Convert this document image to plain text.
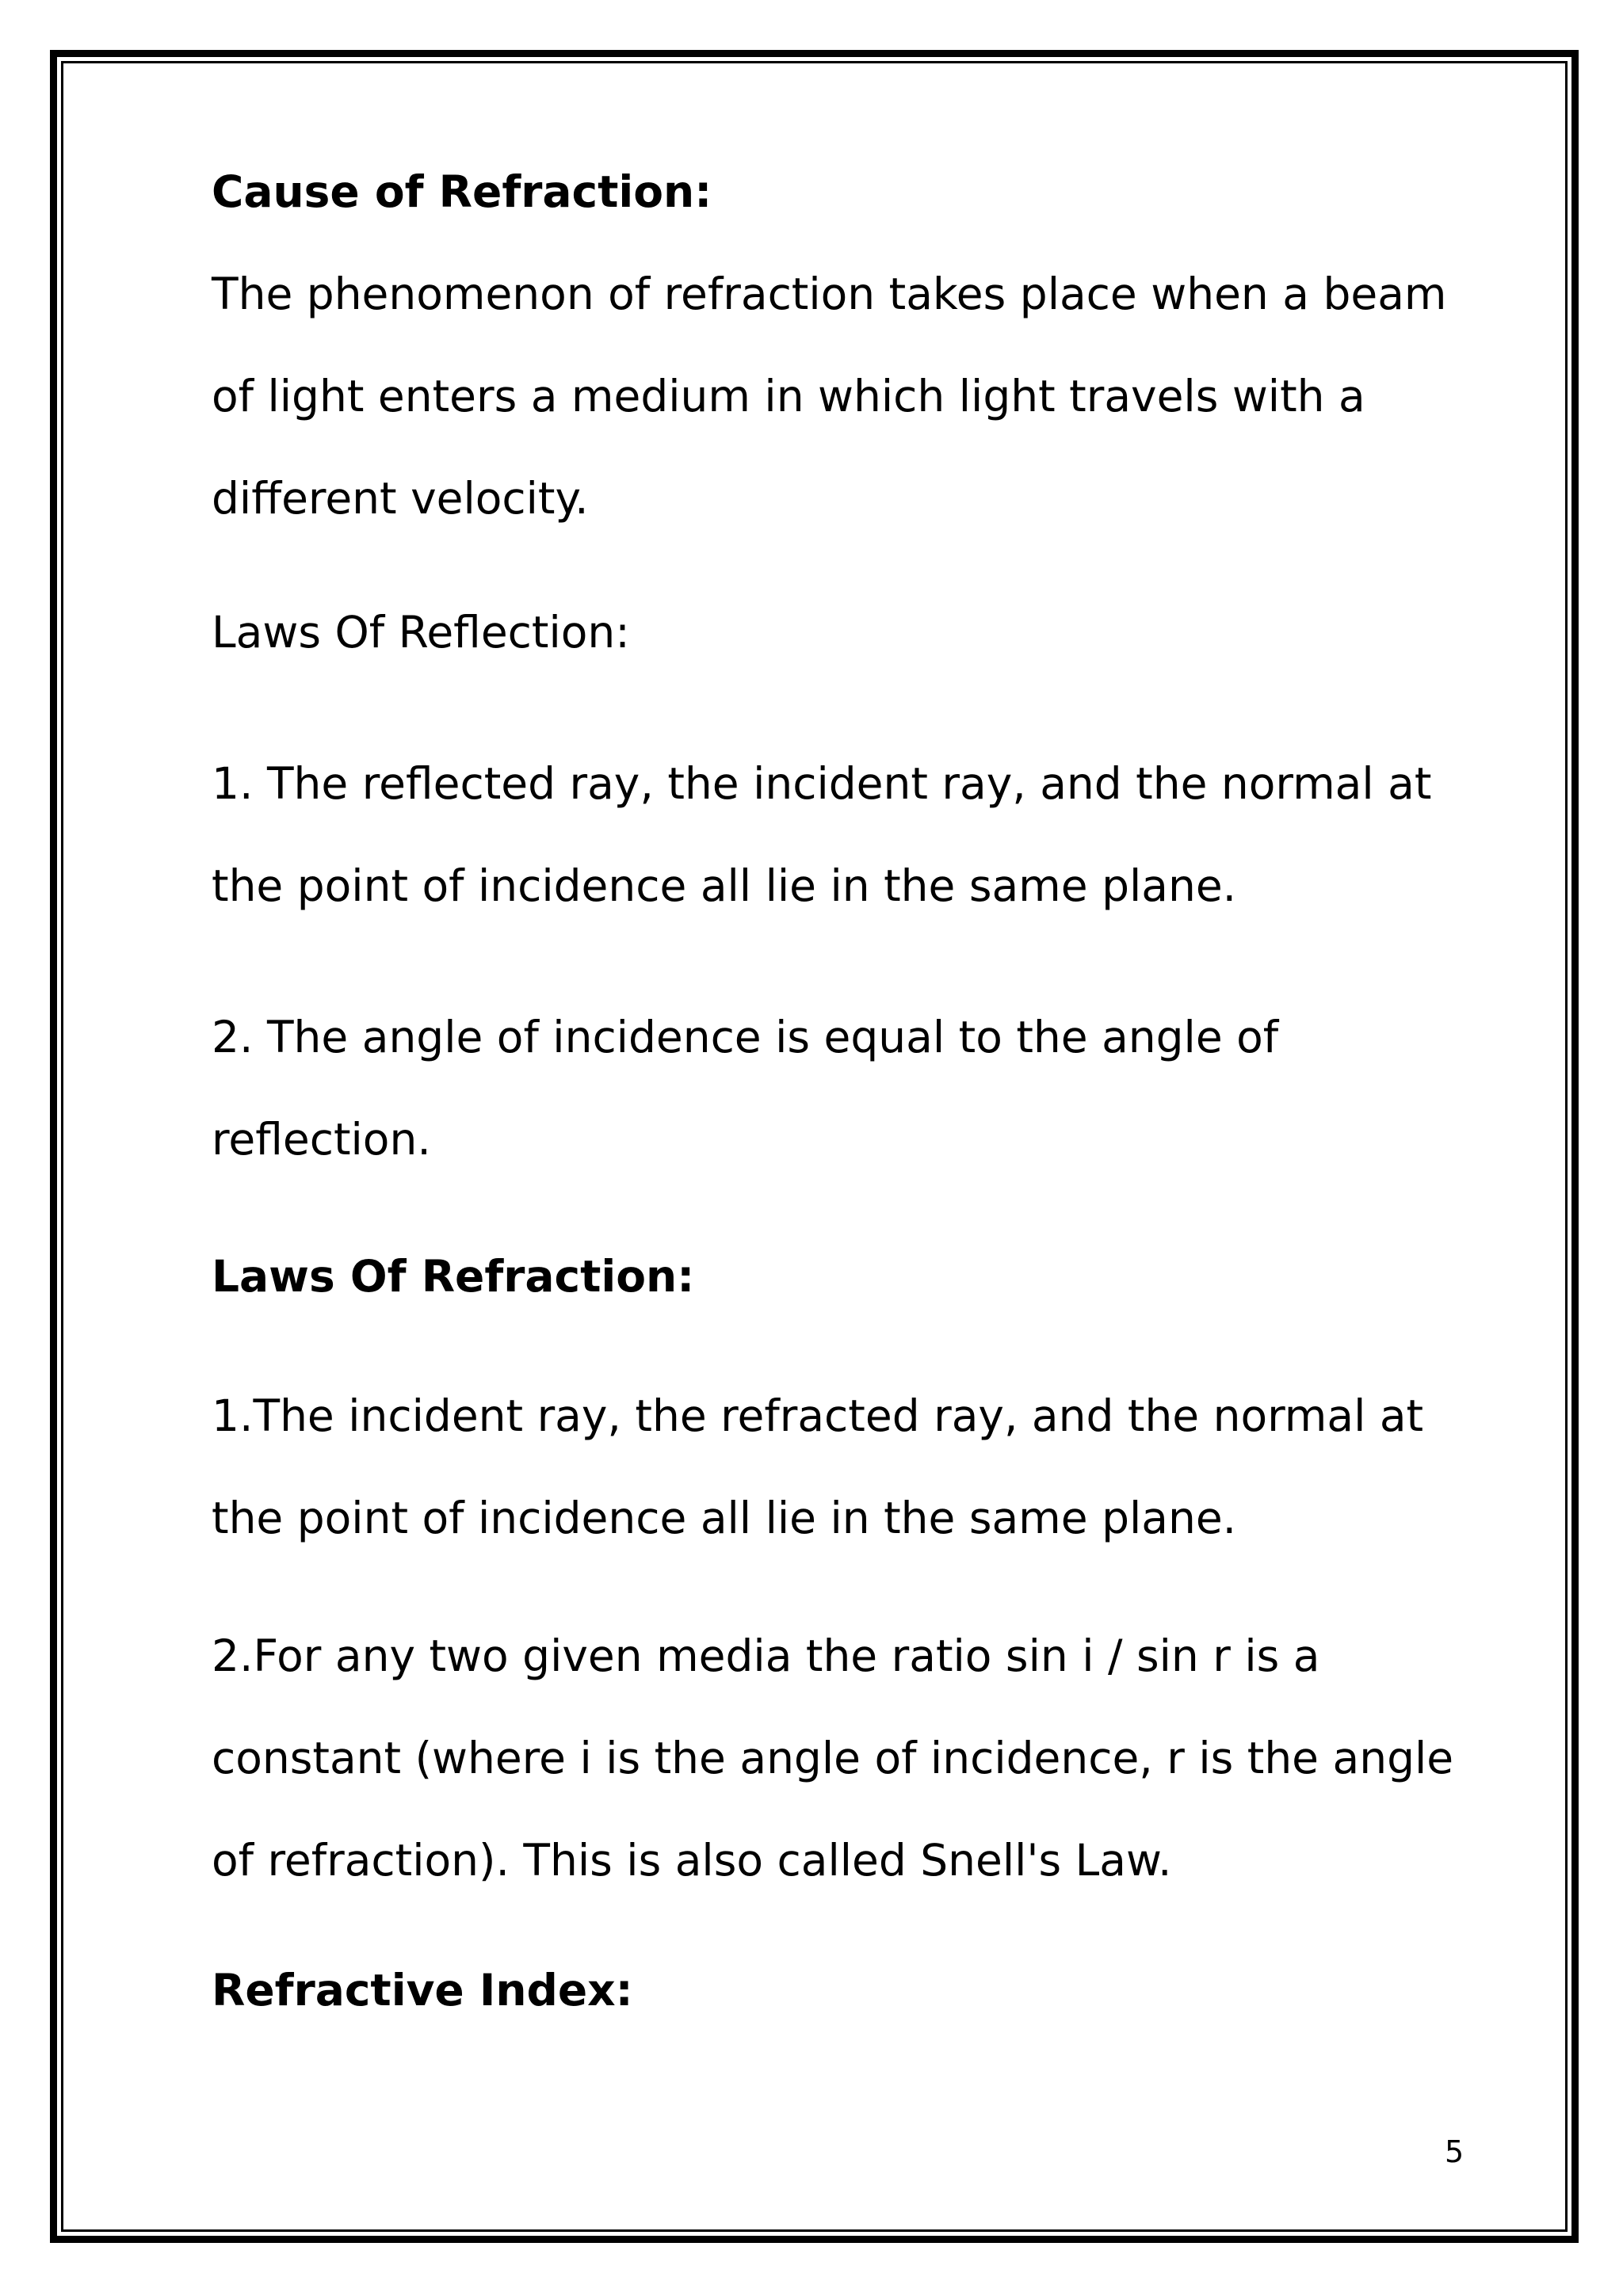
Cause of Refraction:
The phenomenon of refraction takes place when a beam
of light enters a medium in which light travels with a
different velocity.
Laws Of Reflection:
1. The reflected ray, the incident ray, and the normal at
the point of incidence all lie in the same plane.
2. The angle of incidence is equal to the angle of
reflection.
Laws Of Refraction:
1.The incident ray, the refracted ray, and the normal at
the point of incidence all lie in the same plane.
2.For any two given media the ratio sin i / sin r is a
constant (where i is the angle of incidence, r is the angle
of refraction). This is also called Snell's Law.
Refractive Index:
5
